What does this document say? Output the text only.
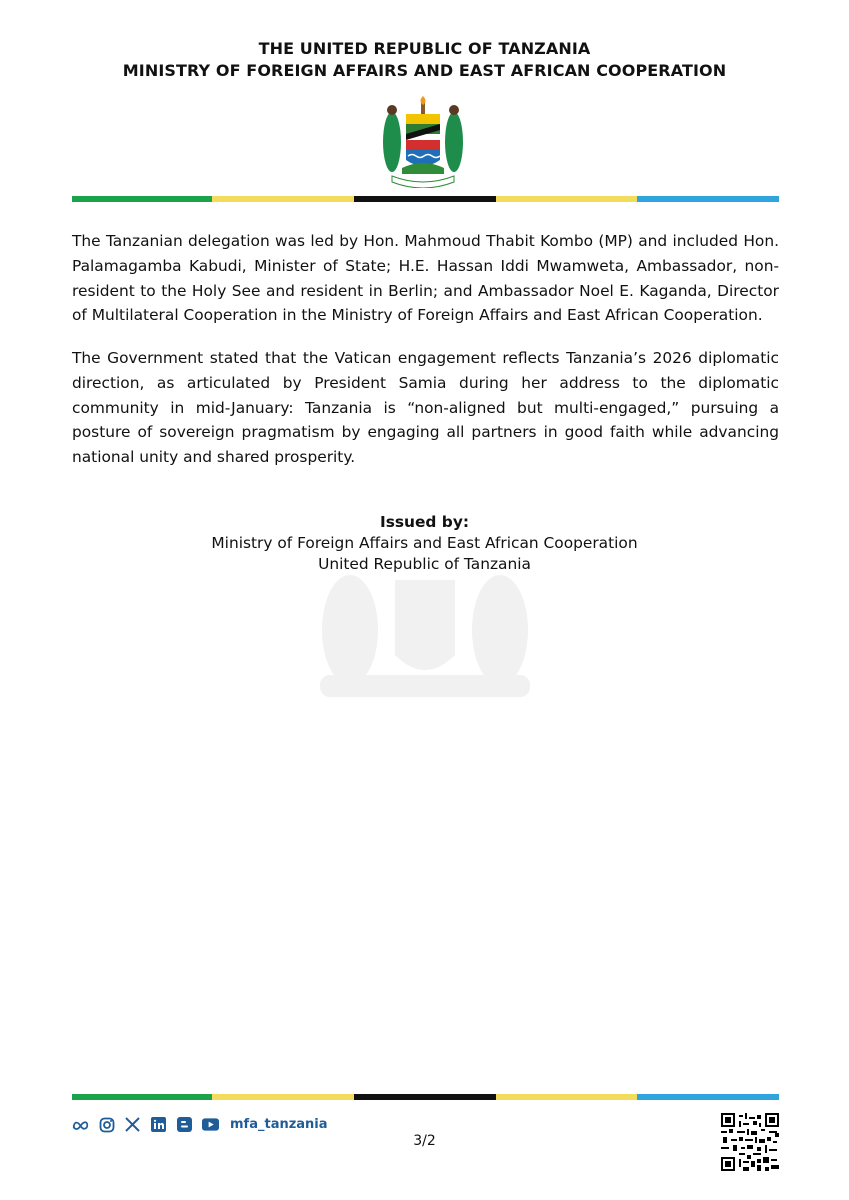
THE UNITED REPUBLIC OF TANZANIA
MINISTRY OF FOREIGN AFFAIRS AND EAST AFRICAN COOPERATION

The Tanzanian delegation was led by Hon. Mahmoud Thabit Kombo (MP) and included Hon. Palamagamba Kabudi, Minister of State; H.E. Hassan Iddi Mwamweta, Ambassador, non-resident to the Holy See and resident in Berlin; and Ambassador Noel E. Kaganda, Director of Multilateral Cooperation in the Ministry of Foreign Affairs and East African Cooperation.

The Government stated that the Vatican engagement reflects Tanzania’s 2026 diplomatic direction, as articulated by President Samia during her address to the diplomatic community in mid-January: Tanzania is “non-aligned but multi-engaged,” pursuing a posture of sovereign pragmatism by engaging all partners in good faith while advancing national unity and shared prosperity.

Issued by:
Ministry of Foreign Affairs and East African Cooperation
United Republic of Tanzania
mfa_tanzania
3/2
